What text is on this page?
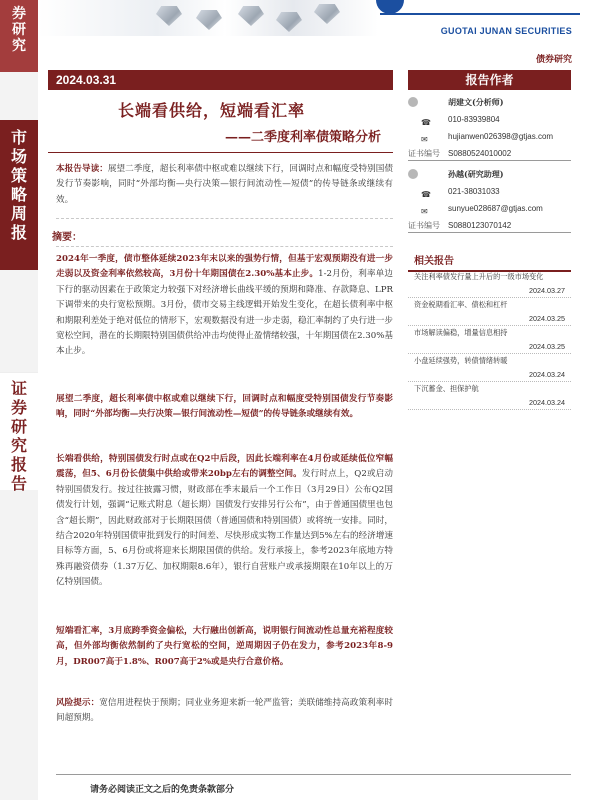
券
研
究
市
场
策
略
周
报
证
券
研
究
报
告
GUOTAI JUNAN SECURITIES
债券研究
2024.03.31
长端看供给，短端看汇率
——二季度利率债策略分析
本报告导读：展望二季度，超长利率债中枢或难以继续下行，回调时点和幅度受特别国债发行节奏影响，同时“外部均衡—央行决策—银行间流动性—短债”的传导链条或继续有效。
摘要：
2024年一季度，债市整体延续2023年末以来的强势行情，但基于宏观预期没有进一步走弱以及资金利率依然较高，3月份十年期国债在2.30%基本止步。1-2月份，利率单边下行的驱动因素在于政策定力较强下对经济增长曲线平缓的预期和降准、存款降息、LPR下调带来的央行宽松预期。3月份，债市交易主线逻辑开始发生变化，在超长债利率中枢和期限利差处于绝对低位的情形下，宏观数据没有进一步走弱，稳汇率制约了央行进一步宽松空间，潜在的长期限特别国债供给冲击均使得止盈情绪较强，十年期国债在2.30%基本止步。
展望二季度，超长利率债中枢或难以继续下行，回调时点和幅度受特别国债发行节奏影响，同时“外部均衡—央行决策—银行间流动性—短债”的传导链条或继续有效。
长端看供给，特别国债发行时点或在Q2中后段，因此长端利率在4月份或延续低位窄幅震荡，但5、6月份长债集中供给或带来20bp左右的调整空间。发行时点上，Q2或启动特别国债发行。按过往披露习惯，财政部在季末最后一个工作日（3月29日）公布Q2国债发行计划，强调“记账式附息（超长期）国债发行安排另行公布”，由于普通国债里也包含“超长期”，因此财政部对于长期限国债（普通国债和特别国债）或将统一安排。同时，结合2020年特别国债审批到发行的时间差、尽快形成实物工作量达到5%左右的经济增速目标等方面，5、6月份或将迎来长期限国债的供给。发行承接上，参考2023年底地方特殊再融资债券（1.37万亿、加权期限8.6年），银行自营账户或承接期限在10年以上的万亿特别国债。
短端看汇率，3月底跨季资金偏松，大行融出创新高，说明银行间流动性总量充裕程度较高，但外部均衡依然制约了央行宽松的空间，逆周期因子仍在发力，参考2023年8-9月，DR007高于1.8%、R007高于2%或是央行合意价格。
风险提示：宽信用进程快于预期；同业业务迎来新一轮严监管；美联储维持高政策利率时间超预期。
报告作者
胡建文(分析师)
☎ 010-83939804
✉	hujianwen026398@gtjas.com
证书编号 S0880524010002
孙越(研究助理)
☎ 021-38031033
✉	sunyue028687@gtjas.com
证书编号 S0880123070142
相关报告
关注利率债发行量上升后的一级市场变化
2024.03.27
资金税期看汇率、债松和杠杆
2024.03.25
市场解读偏稳，增量信息相持
2024.03.25
小盘延续强势，转债情绪转暖
2024.03.24
下沉蓄金、担保护航
2024.03.24
请务必阅读正文之后的免责条款部分
